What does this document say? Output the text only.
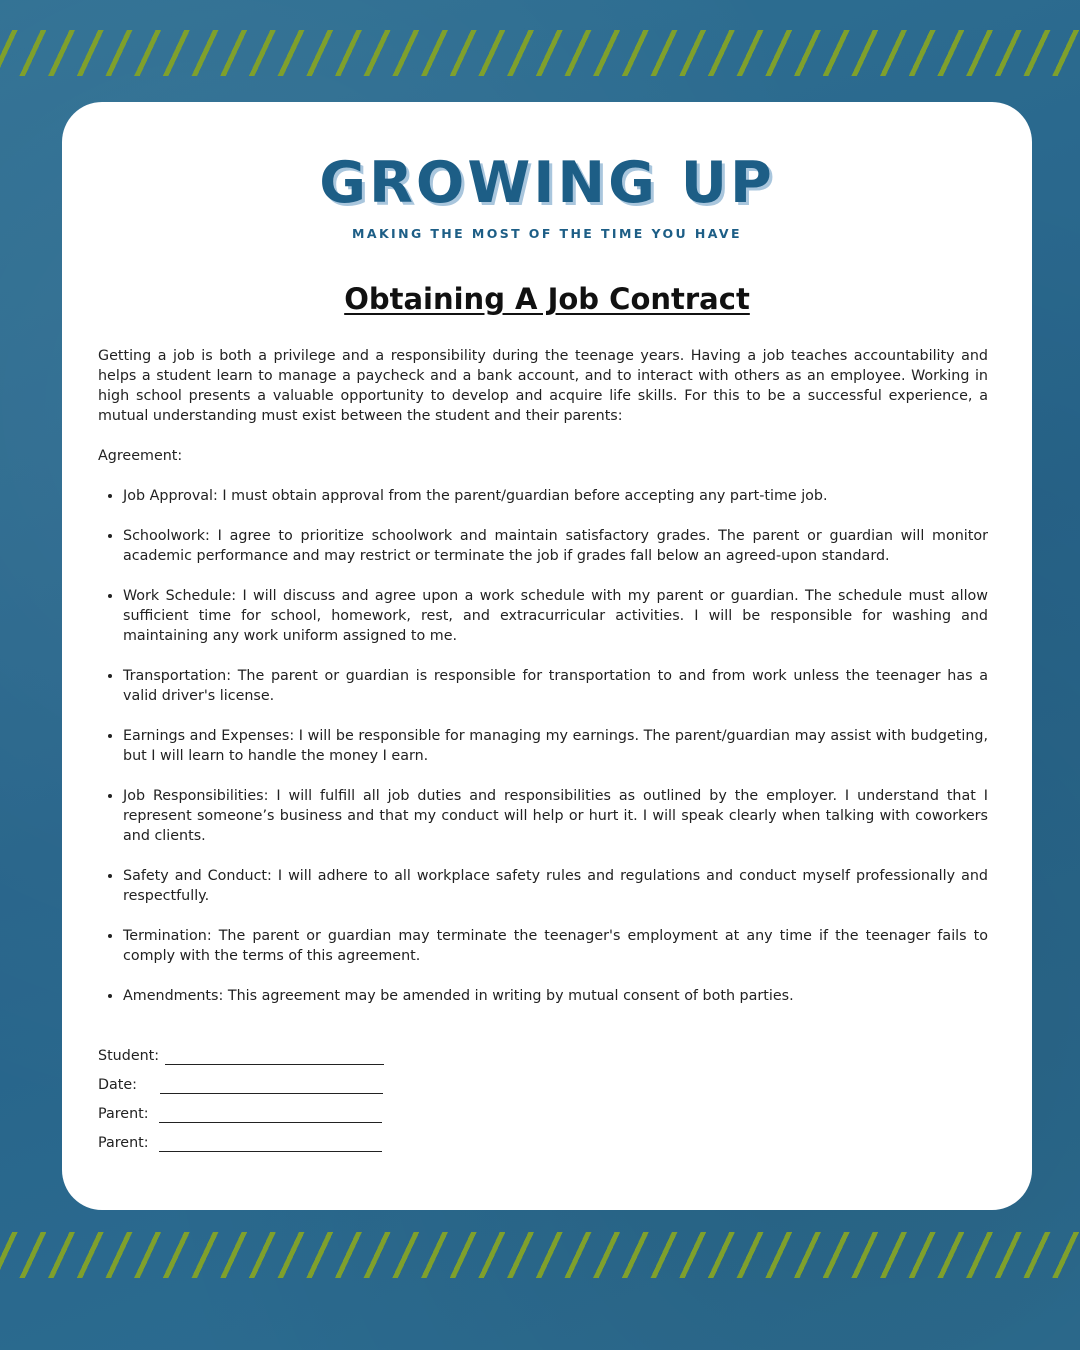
GROWING UP
MAKING THE MOST OF THE TIME YOU HAVE
Obtaining A Job Contract

Getting a job is both a privilege and a responsibility during the teenage years. Having a job teaches accountability and helps a student learn to manage a paycheck and a bank account, and to interact with others as an employee. Working in high school presents a valuable opportunity to develop and acquire life skills. For this to be a successful experience, a mutual understanding must exist between the student and their parents:

Agreement:

• Job Approval: I must obtain approval from the parent/guardian before accepting any part-time job.
• Schoolwork: I agree to prioritize schoolwork and maintain satisfactory grades. The parent or guardian will monitor academic performance and may restrict or terminate the job if grades fall below an agreed-upon standard.
• Work Schedule: I will discuss and agree upon a work schedule with my parent or guardian. The schedule must allow sufficient time for school, homework, rest, and extracurricular activities. I will be responsible for washing and maintaining any work uniform assigned to me.
• Transportation: The parent or guardian is responsible for transportation to and from work unless the teenager has a valid driver's license.
• Earnings and Expenses: I will be responsible for managing my earnings. The parent/guardian may assist with budgeting, but I will learn to handle the money I earn.
• Job Responsibilities: I will fulfill all job duties and responsibilities as outlined by the employer. I understand that I represent someone’s business and that my conduct will help or hurt it. I will speak clearly when talking with coworkers and clients.
• Safety and Conduct: I will adhere to all workplace safety rules and regulations and conduct myself professionally and respectfully.
• Termination: The parent or guardian may terminate the teenager's employment at any time if the teenager fails to comply with the terms of this agreement.
• Amendments: This agreement may be amended in writing by mutual consent of both parties.
Student:
Date:
Parent:
Parent:
